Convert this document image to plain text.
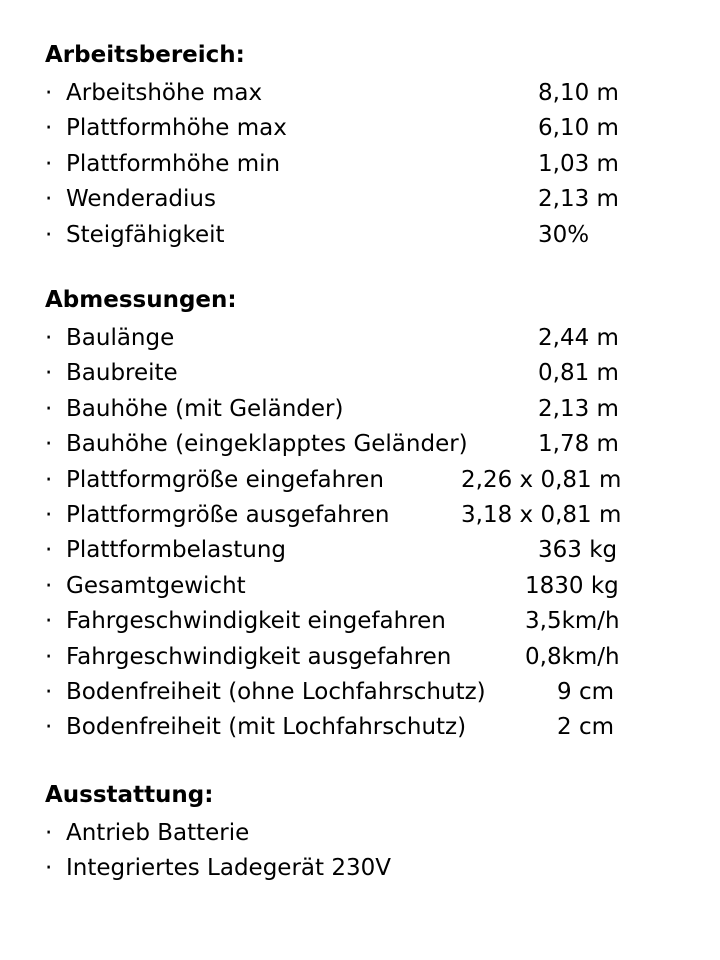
Arbeitsbereich:
· Arbeitshöhe max	8,10 m
· Plattformhöhe max	6,10 m
· Plattformhöhe min	1,03 m
· Wenderadius	2,13 m
· Steigfähigkeit	30%
Abmessungen:
· Baulänge	2,44 m
· Baubreite	0,81 m
· Bauhöhe (mit Geländer)	2,13 m
· Bauhöhe (eingeklapptes Geländer)	1,78 m
· Plattformgröße eingefahren	2,26 x 0,81 m
· Plattformgröße ausgefahren	3,18 x 0,81 m
· Plattformbelastung	363 kg
· Gesamtgewicht	1830 kg
· Fahrgeschwindigkeit eingefahren	3,5km/h
· Fahrgeschwindigkeit ausgefahren	0,8km/h
· Bodenfreiheit (ohne Lochfahrschutz)	9 cm
· Bodenfreiheit (mit Lochfahrschutz)	2 cm
Ausstattung:
· Antrieb Batterie
· Integriertes Ladegerät 230V
